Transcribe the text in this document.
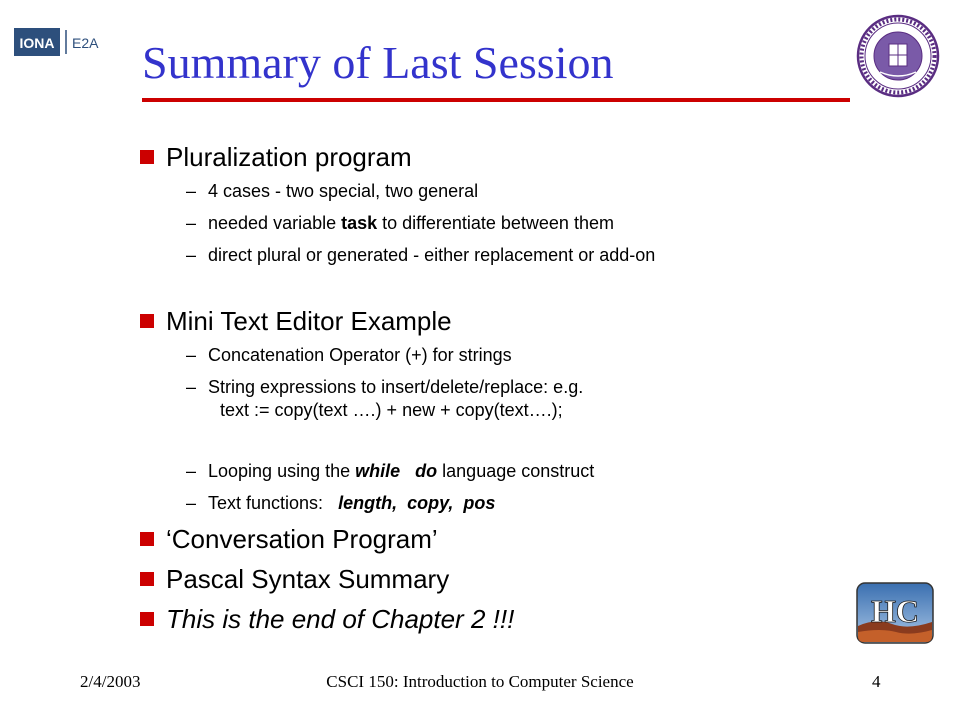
IONA E2A Summary of Last Session
Pluralization program
– 4 cases - two special, two general
– needed variable task to differentiate between them
– direct plural or generated - either replacement or add-on
Mini Text Editor Example
– Concatenation Operator (+) for strings
– String expressions to insert/delete/replace: e.g.
text := copy(text ….) + new + copy(text….);
– Looping using the while do language construct
– Text functions: length,  copy,  pos
‘Conversation Program’
Pascal Syntax Summary
This is the end of Chapter 2 !!!	HC
2/4/2003	CSCI 150: Introduction to Computer Science	4
